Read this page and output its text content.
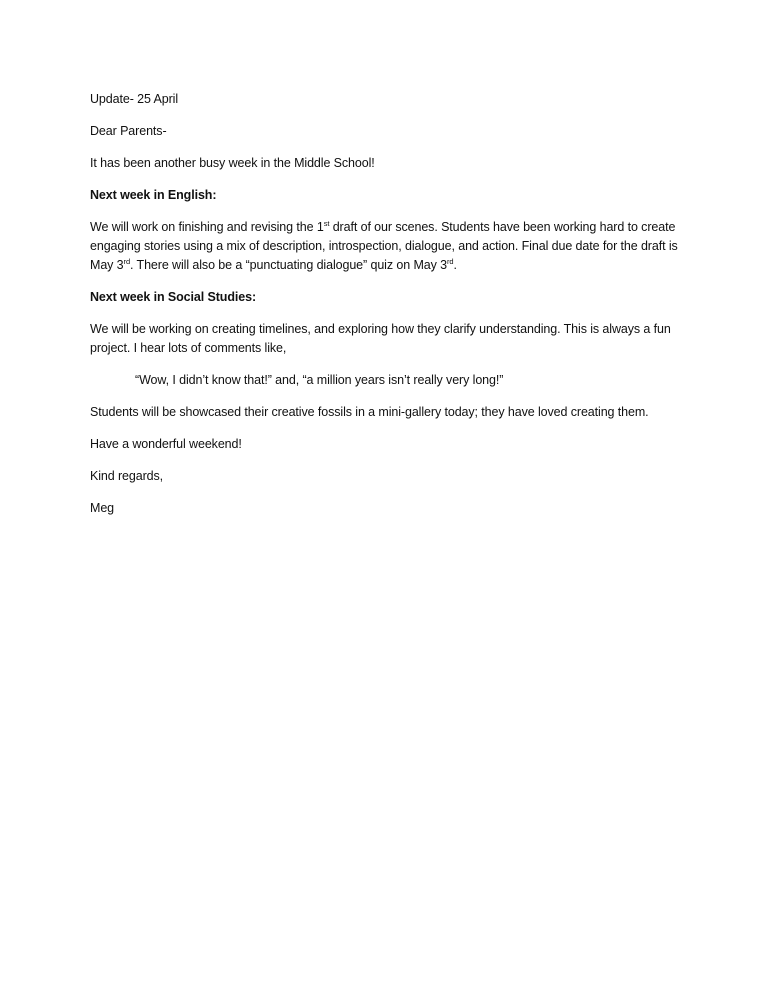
Update- 25 April

Dear Parents-

It has been another busy week in the Middle School!

Next week in English:

We will work on finishing and revising the 1st draft of our scenes. Students have been working hard to create engaging stories using a mix of description, introspection, dialogue, and action. Final due date for the draft is May 3rd. There will also be a “punctuating dialogue” quiz on May 3rd.

Next week in Social Studies:

We will be working on creating timelines, and exploring how they clarify understanding. This is always a fun project. I hear lots of comments like,

“Wow, I didn’t know that!” and, “a million years isn’t really very long!”

Students will be showcased their creative fossils in a mini-gallery today; they have loved creating them.

Have a wonderful weekend!

Kind regards,

Meg
